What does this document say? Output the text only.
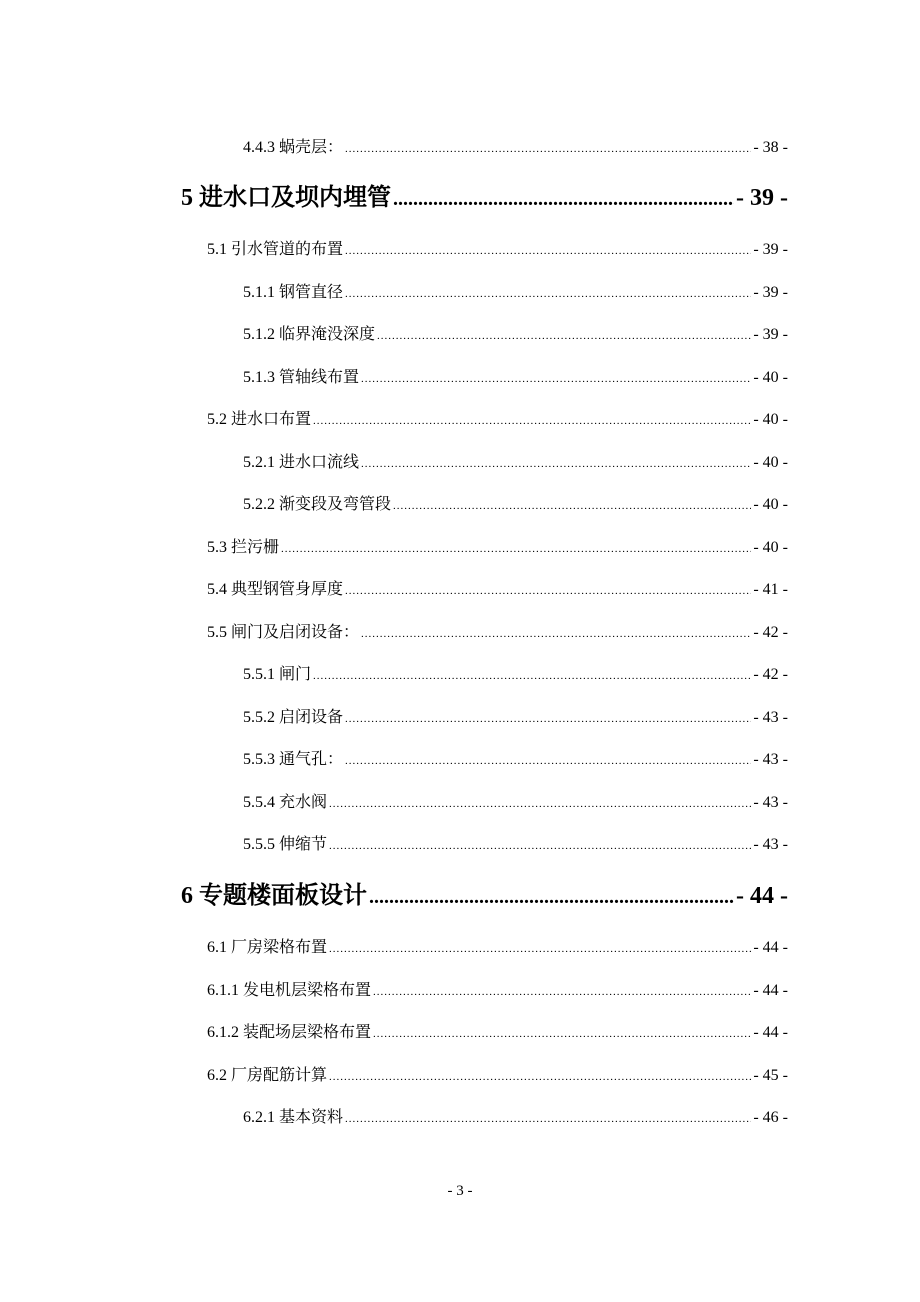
4.4.3 蜗壳层： .....	- 38 -
5 进水口及坝内埋管 .....	- 39 -
5.1 引水管道的布置 .....	- 39 -
5.1.1 钢管直径 .....	- 39 -
5.1.2 临界淹没深度 .....	- 39 -
5.1.3 管轴线布置 .....	- 40 -
5.2 进水口布置 .....	- 40 -
5.2.1 进水口流线 .....	- 40 -
5.2.2 渐变段及弯管段 .....	- 40 -
5.3 拦污栅 .....	- 40 -
5.4 典型钢管身厚度 .....	- 41 -
5.5 闸门及启闭设备： .....	- 42 -
5.5.1 闸门 .....	- 42 -
5.5.2 启闭设备 .....	- 43 -
5.5.3 通气孔： .....	- 43 -
5.5.4 充水阀 .....	- 43 -
5.5.5 伸缩节 .....	- 43 -
6 专题楼面板设计 .....	- 44 -
6.1 厂房梁格布置 .....	- 44 -
6.1.1 发电机层梁格布置 .....	- 44 -
6.1.2 装配场层梁格布置 .....	- 44 -
6.2 厂房配筋计算 .....	- 45 -
6.2.1 基本资料 .....	- 46 -
- 3 -
